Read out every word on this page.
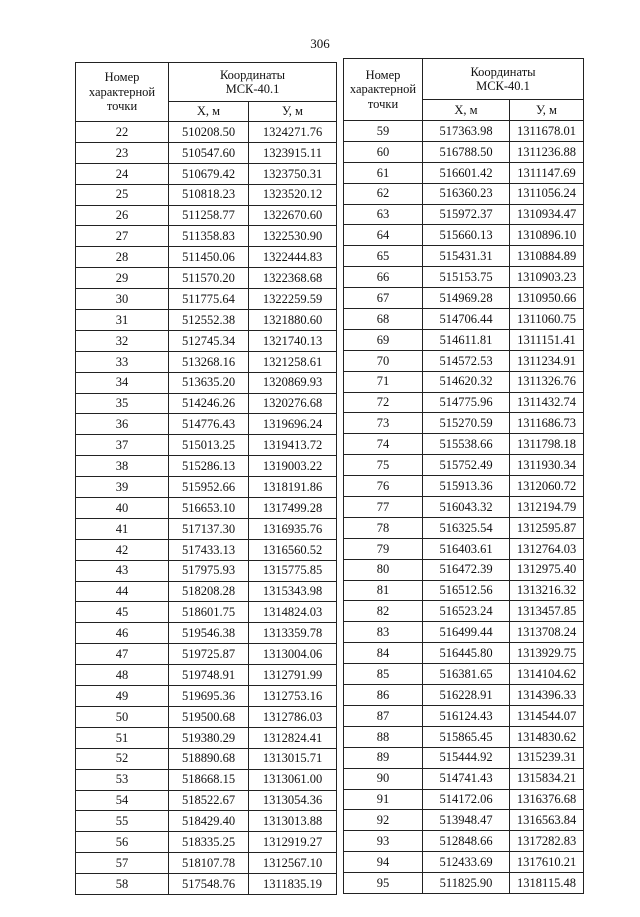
306
Номер характерной точки	Координаты
МСК-40.1	
	X, м	У, м
22	510208.50	1324271.76
23	510547.60	1323915.11
24	510679.42	1323750.31
25	510818.23	1323520.12
26	511258.77	1322670.60
27	511358.83	1322530.90
28	511450.06	1322444.83
29	511570.20	1322368.68
30	511775.64	1322259.59
31	512552.38	1321880.60
32	512745.34	1321740.13
33	513268.16	1321258.61
34	513635.20	1320869.93
35	514246.26	1320276.68
36	514776.43	1319696.24
37	515013.25	1319413.72
38	515286.13	1319003.22
39	515952.66	1318191.86
40	516653.10	1317499.28
41	517137.30	1316935.76
42	517433.13	1316560.52
43	517975.93	1315775.85
44	518208.28	1315343.98
45	518601.75	1314824.03
46	519546.38	1313359.78
47	519725.87	1313004.06
48	519748.91	1312791.99
49	519695.36	1312753.16
50	519500.68	1312786.03
51	519380.29	1312824.41
52	518890.68	1313015.71
53	518668.15	1313061.00
54	518522.67	1313054.36
55	518429.40	1313013.88
56	518335.25	1312919.27
57	518107.78	1312567.10
58	517548.76	1311835.19
Номер характерной точки	Координаты
МСК-40.1	
	X, м	У, м
59	517363.98	1311678.01
60	516788.50	1311236.88
61	516601.42	1311147.69
62	516360.23	1311056.24
63	515972.37	1310934.47
64	515660.13	1310896.10
65	515431.31	1310884.89
66	515153.75	1310903.23
67	514969.28	1310950.66
68	514706.44	1311060.75
69	514611.81	1311151.41
70	514572.53	1311234.91
71	514620.32	1311326.76
72	514775.96	1311432.74
73	515270.59	1311686.73
74	515538.66	1311798.18
75	515752.49	1311930.34
76	515913.36	1312060.72
77	516043.32	1312194.79
78	516325.54	1312595.87
79	516403.61	1312764.03
80	516472.39	1312975.40
81	516512.56	1313216.32
82	516523.24	1313457.85
83	516499.44	1313708.24
84	516445.80	1313929.75
85	516381.65	1314104.62
86	516228.91	1314396.33
87	516124.43	1314544.07
88	515865.45	1314830.62
89	515444.92	1315239.31
90	514741.43	1315834.21
91	514172.06	1316376.68
92	513948.47	1316563.84
93	512848.66	1317282.83
94	512433.69	1317610.21
95	511825.90	1318115.48
